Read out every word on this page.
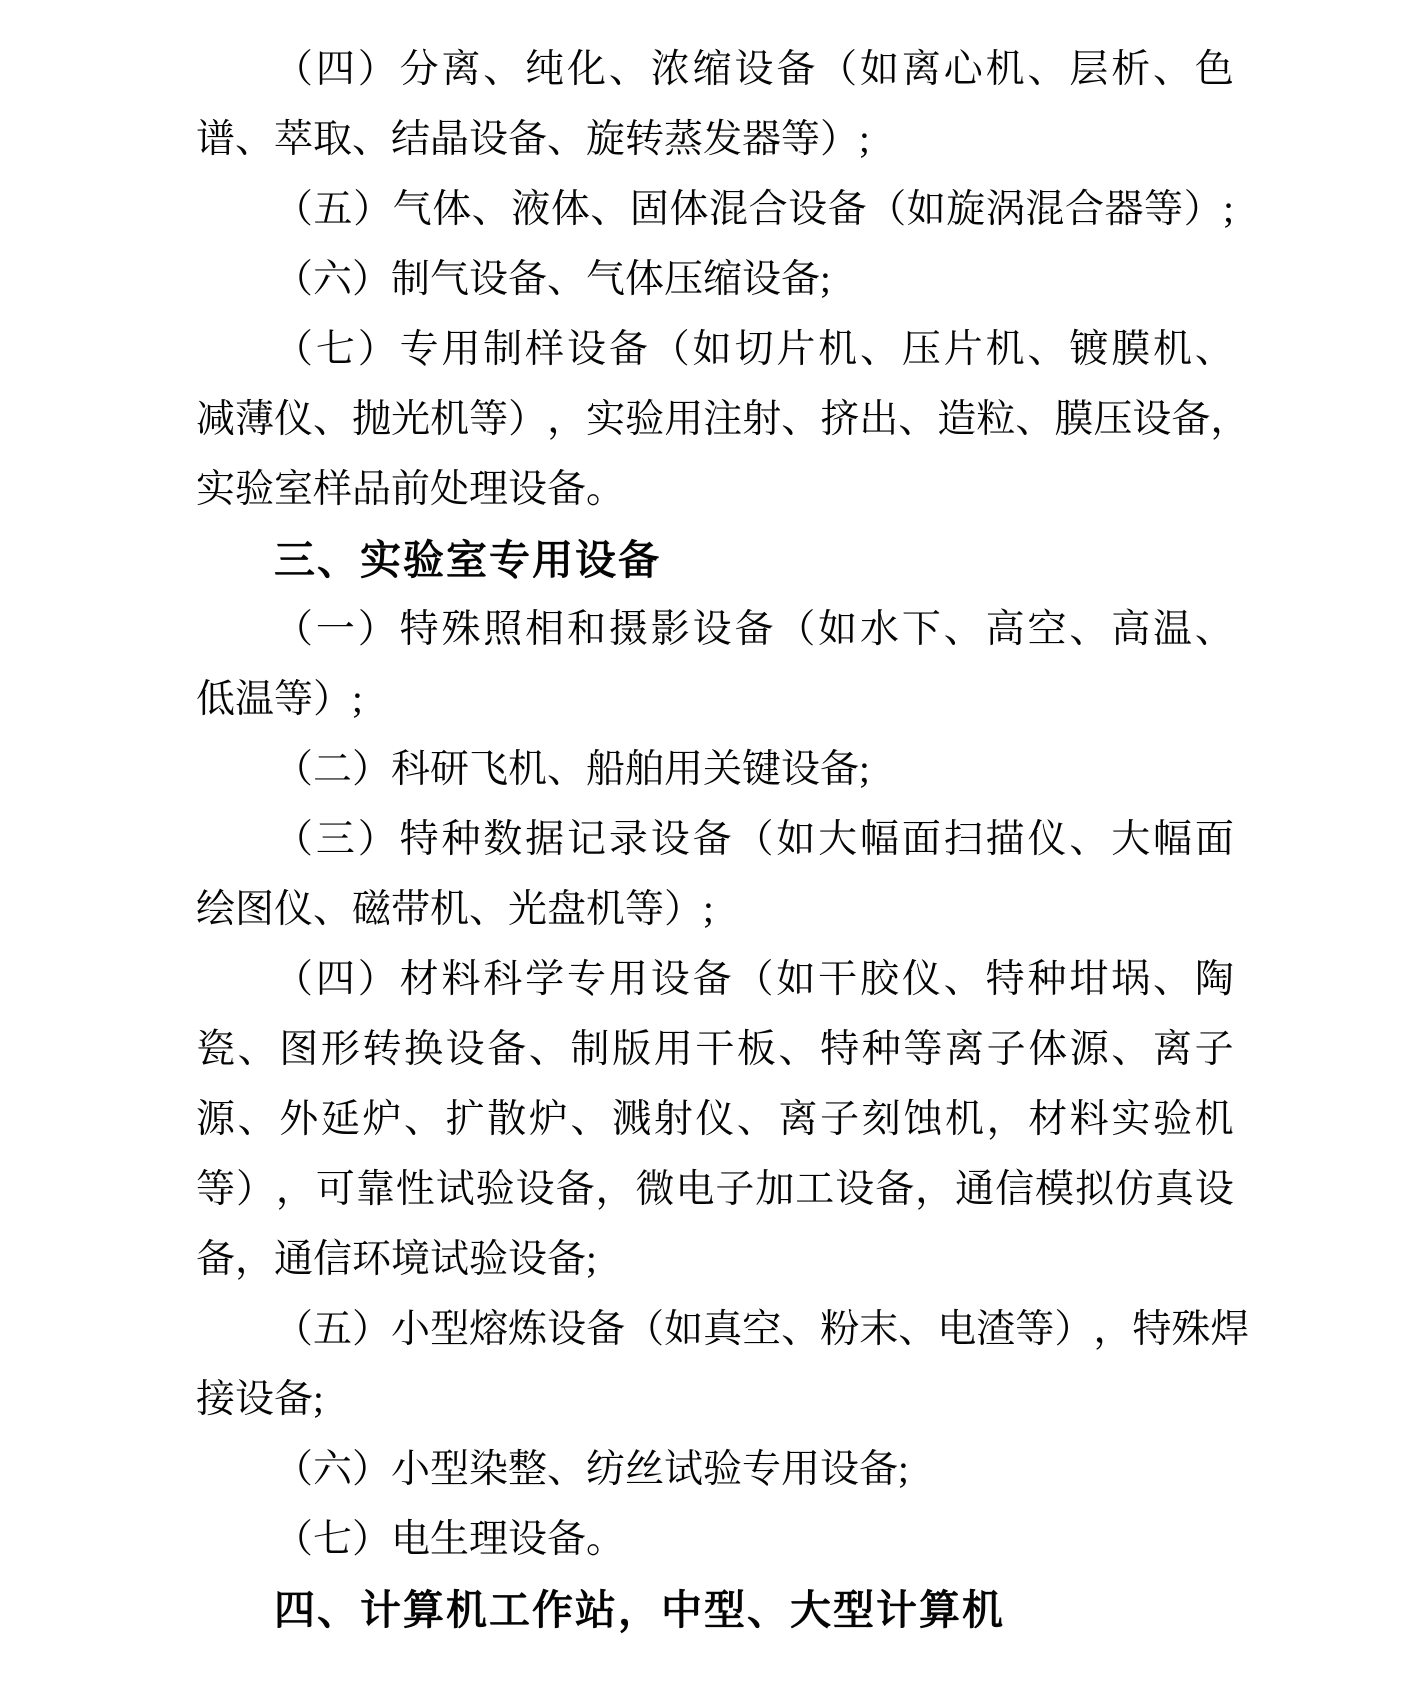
（ 四 ） 分 离 、 纯 化 、 浓 缩 设 备 （ 如 离 心 机 、 层 析 、 色
谱、萃取、结晶设备、旋转蒸发器等）;
（ 五 ） 气 体 、 液 体 、 固 体 混 合 设 备 （ 如 旋 涡 混 合 器 等 ） ;
（六）制气设备、气体压缩设备;
（ 七 ） 专 用 制 样 设 备 （ 如 切 片 机 、 压 片 机 、 镀 膜 机 、
减 薄 仪 、 抛 光 机 等 ） ， 实 验 用 注 射 、 挤 出 、 造 粒 、 膜 压 设 备 ，
实验室样品前处理设备。
三、实验室专用设备
（ 一 ） 特 殊 照 相 和 摄 影 设 备 （ 如 水 下 、 高 空 、 高 温 、
低温等）;
（二）科研飞机、船舶用关键设备;
（ 三 ） 特 种 数 据 记 录 设 备 （ 如 大 幅 面 扫 描 仪 、 大 幅 面
绘图仪、磁带机、光盘机等）;
（ 四 ） 材 料 科 学 专 用 设 备 （ 如 干 胶 仪 、 特 种 坩 埚 、 陶
瓷 、 图 形 转 换 设 备 、 制 版 用 干 板 、 特 种 等 离 子 体 源 、 离 子
源 、 外 延 炉 、 扩 散 炉 、 溅 射 仪 、 离 子 刻 蚀 机 ， 材 料 实 验 机
等 ） ， 可 靠 性 试 验 设 备 ， 微 电 子 加 工 设 备 ， 通 信 模 拟 仿 真 设
备，通信环境试验设备;
（ 五 ） 小 型 熔 炼 设 备 （ 如 真 空 、 粉 末 、 电 渣 等 ） ， 特 殊 焊
接设备;
（六）小型染整、纺丝试验专用设备;
（七）电生理设备。
四、计算机工作站，中型、大型计算机
